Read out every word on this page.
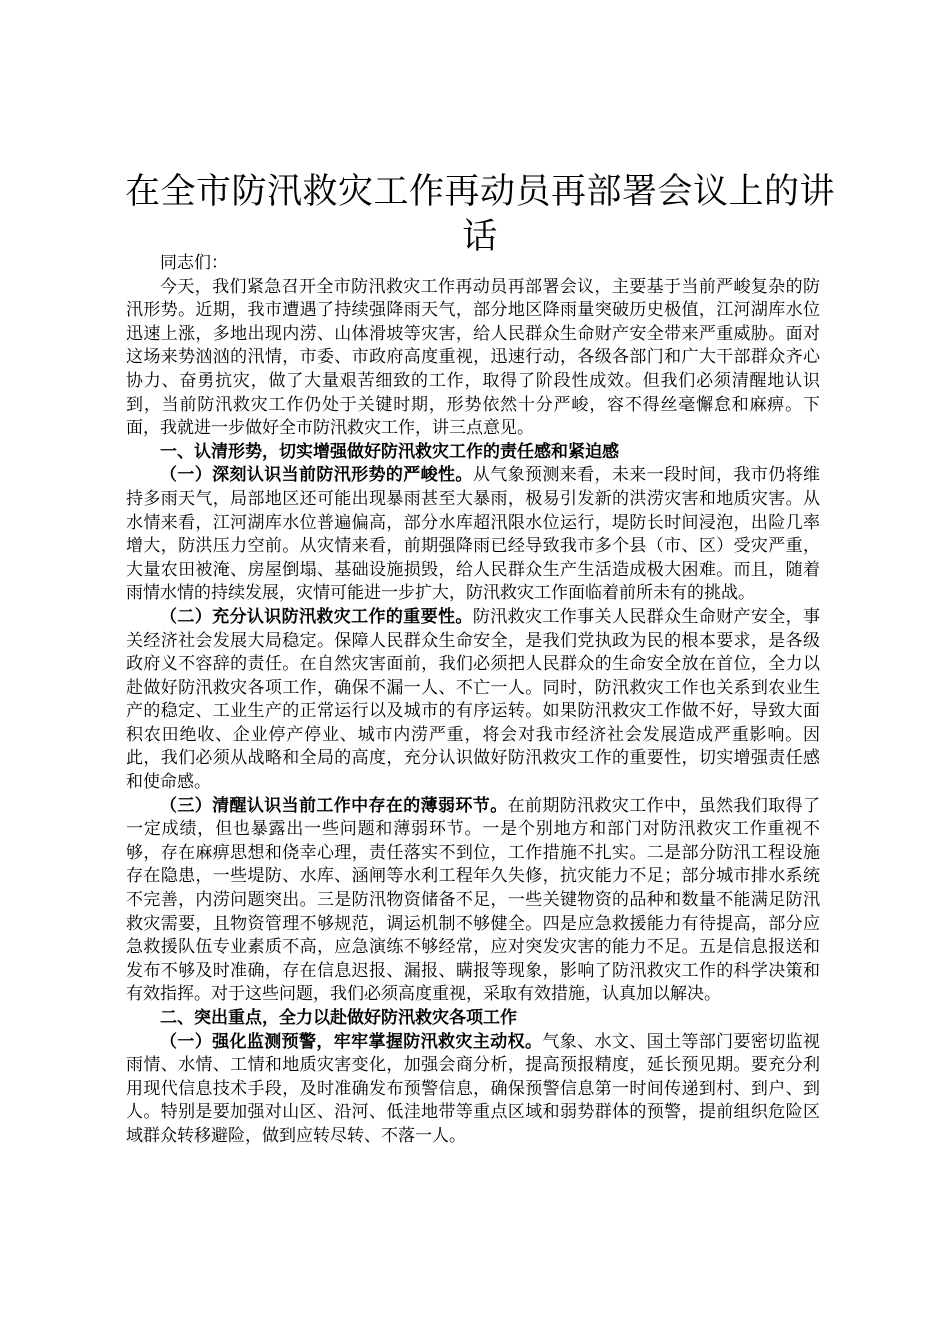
在全市防汛救灾工作再动员再部署会议上的讲话

同志们：

今天，我们紧急召开全市防汛救灾工作再动员再部署会议，主要基于当前严峻复杂的防汛形势。近期，我市遭遇了持续强降雨天气，部分地区降雨量突破历史极值，江河湖库水位迅速上涨，多地出现内涝、山体滑坡等灾害，给人民群众生命财产安全带来严重威胁。面对这场来势汹汹的汛情，市委、市政府高度重视，迅速行动，各级各部门和广大干部群众齐心协力、奋勇抗灾，做了大量艰苦细致的工作，取得了阶段性成效。但我们必须清醒地认识到，当前防汛救灾工作仍处于关键时期，形势依然十分严峻，容不得丝毫懈怠和麻痹。下面，我就进一步做好全市防汛救灾工作，讲三点意见。

一、认清形势，切实增强做好防汛救灾工作的责任感和紧迫感

（一）深刻认识当前防汛形势的严峻性。从气象预测来看，未来一段时间，我市仍将维持多雨天气，局部地区还可能出现暴雨甚至大暴雨，极易引发新的洪涝灾害和地质灾害。从水情来看，江河湖库水位普遍偏高，部分水库超汛限水位运行，堤防长时间浸泡，出险几率增大，防洪压力空前。从灾情来看，前期强降雨已经导致我市多个县（市、区）受灾严重，大量农田被淹、房屋倒塌、基础设施损毁，给人民群众生产生活造成极大困难。而且，随着雨情水情的持续发展，灾情可能进一步扩大，防汛救灾工作面临着前所未有的挑战。

（二）充分认识防汛救灾工作的重要性。防汛救灾工作事关人民群众生命财产安全，事关经济社会发展大局稳定。保障人民群众生命安全，是我们党执政为民的根本要求，是各级政府义不容辞的责任。在自然灾害面前，我们必须把人民群众的生命安全放在首位，全力以赴做好防汛救灾各项工作，确保不漏一人、不亡一人。同时，防汛救灾工作也关系到农业生产的稳定、工业生产的正常运行以及城市的有序运转。如果防汛救灾工作做不好，导致大面积农田绝收、企业停产停业、城市内涝严重，将会对我市经济社会发展造成严重影响。因此，我们必须从战略和全局的高度，充分认识做好防汛救灾工作的重要性，切实增强责任感和使命感。

（三）清醒认识当前工作中存在的薄弱环节。在前期防汛救灾工作中，虽然我们取得了一定成绩，但也暴露出一些问题和薄弱环节。一是个别地方和部门对防汛救灾工作重视不够，存在麻痹思想和侥幸心理，责任落实不到位，工作措施不扎实。二是部分防汛工程设施存在隐患，一些堤防、水库、涵闸等水利工程年久失修，抗灾能力不足；部分城市排水系统不完善，内涝问题突出。三是防汛物资储备不足，一些关键物资的品种和数量不能满足防汛救灾需要，且物资管理不够规范，调运机制不够健全。四是应急救援能力有待提高，部分应急救援队伍专业素质不高，应急演练不够经常，应对突发灾害的能力不足。五是信息报送和发布不够及时准确，存在信息迟报、漏报、瞒报等现象，影响了防汛救灾工作的科学决策和有效指挥。对于这些问题，我们必须高度重视，采取有效措施，认真加以解决。

二、突出重点，全力以赴做好防汛救灾各项工作

（一）强化监测预警，牢牢掌握防汛救灾主动权。气象、水文、国土等部门要密切监视雨情、水情、工情和地质灾害变化，加强会商分析，提高预报精度，延长预见期。要充分利用现代信息技术手段，及时准确发布预警信息，确保预警信息第一时间传递到村、到户、到人。特别是要加强对山区、沿河、低洼地带等重点区域和弱势群体的预警，提前组织危险区域群众转移避险，做到应转尽转、不落一人。
